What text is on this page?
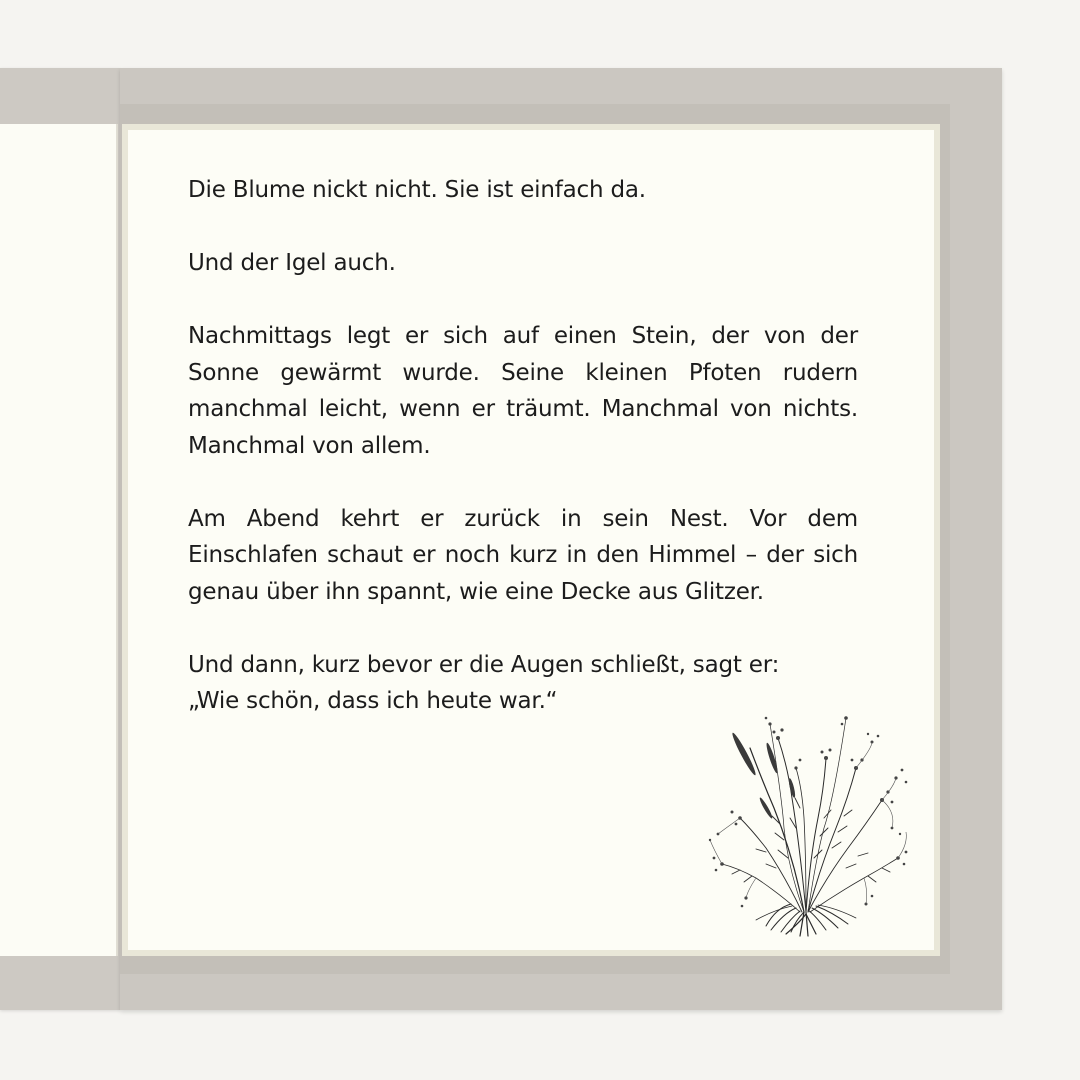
Die Blume nickt nicht. Sie ist einfach da.

Und der Igel auch.

Nachmittags legt er sich auf einen Stein, der von der Sonne gewärmt wurde. Seine kleinen Pfoten rudern manchmal leicht, wenn er träumt. Manchmal von nichts. Manchmal von allem.

Am Abend kehrt er zurück in sein Nest. Vor dem Einschlafen schaut er noch kurz in den Himmel – der sich genau über ihn spannt, wie eine Decke aus Glitzer.

Und dann, kurz bevor er die Augen schließt, sagt er:
„Wie schön, dass ich heute war.“
